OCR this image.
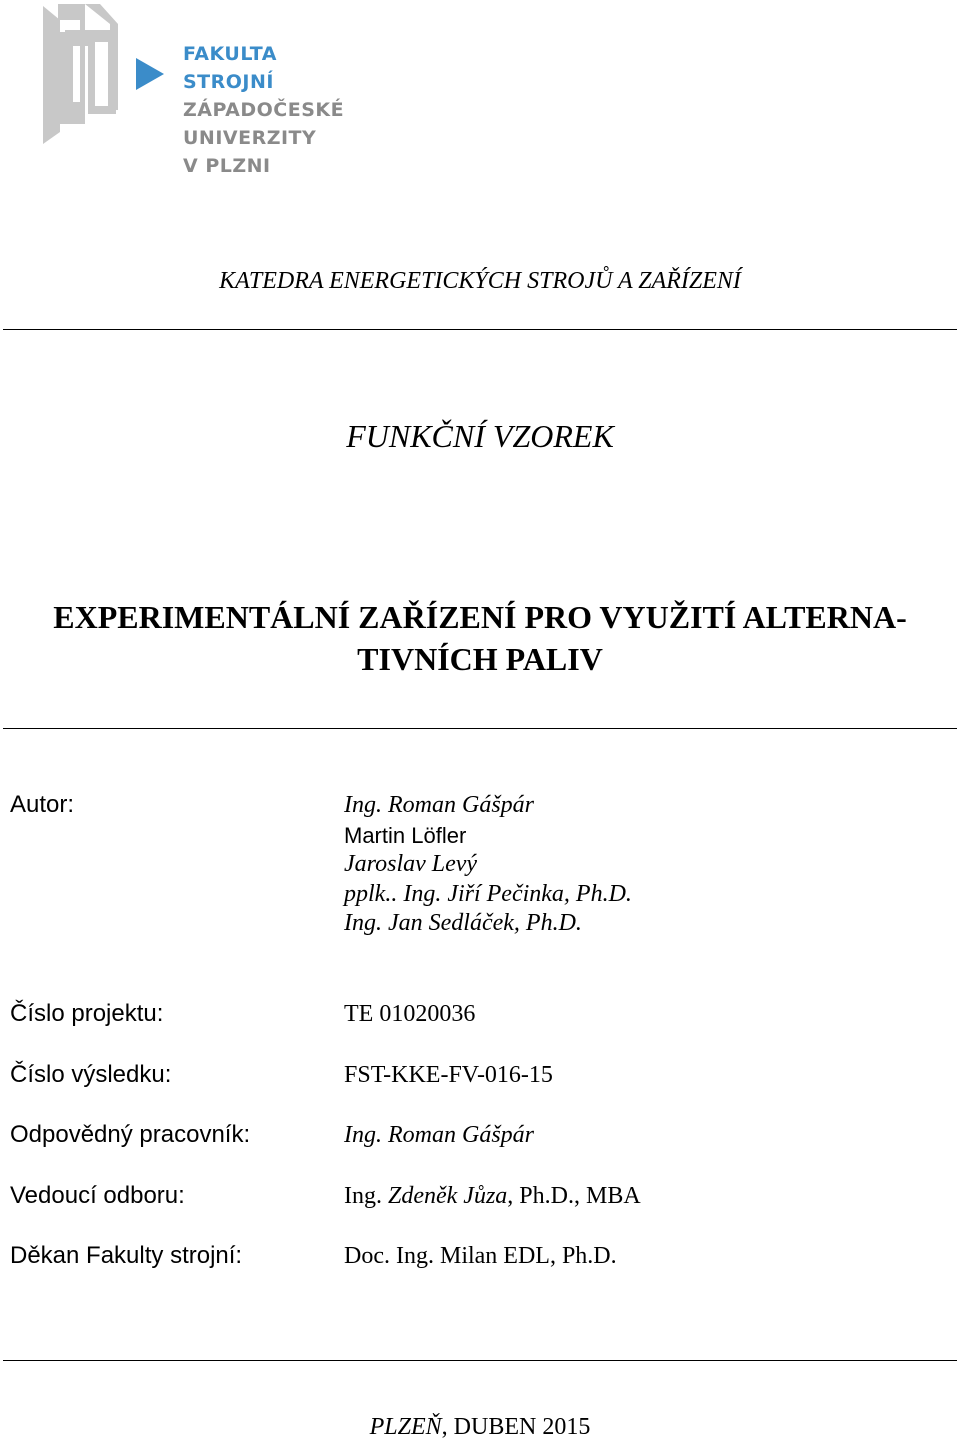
FAKULTA STROJNÍ
ZÁPADOČESKÉ
UNIVERZITY
V PLZNI
KATEDRA ENERGETICKÝCH STROJŮ A ZAŘÍZENÍ
FUNKČNÍ VZOREK
EXPERIMENTÁLNÍ ZAŘÍZENÍ PRO VYUŽITÍ ALTERNA-
TIVNÍCH PALIV
Autor:	Ing. Roman Gášpár
Martin Löfler
Jaroslav Levý
pplk.. Ing. Jiří Pečinka, Ph.D.
Ing. Jan Sedláček, Ph.D.
Číslo projektu:	TE 01020036
Číslo výsledku:	FST-KKE-FV-016-15
Odpovědný pracovník:	Ing. Roman Gášpár
Vedoucí odboru:	Ing. Zdeněk Jůza, Ph.D., MBA
Děkan Fakulty strojní:	Doc. Ing. Milan EDL, Ph.D.
PLZEŇ, DUBEN 2015
